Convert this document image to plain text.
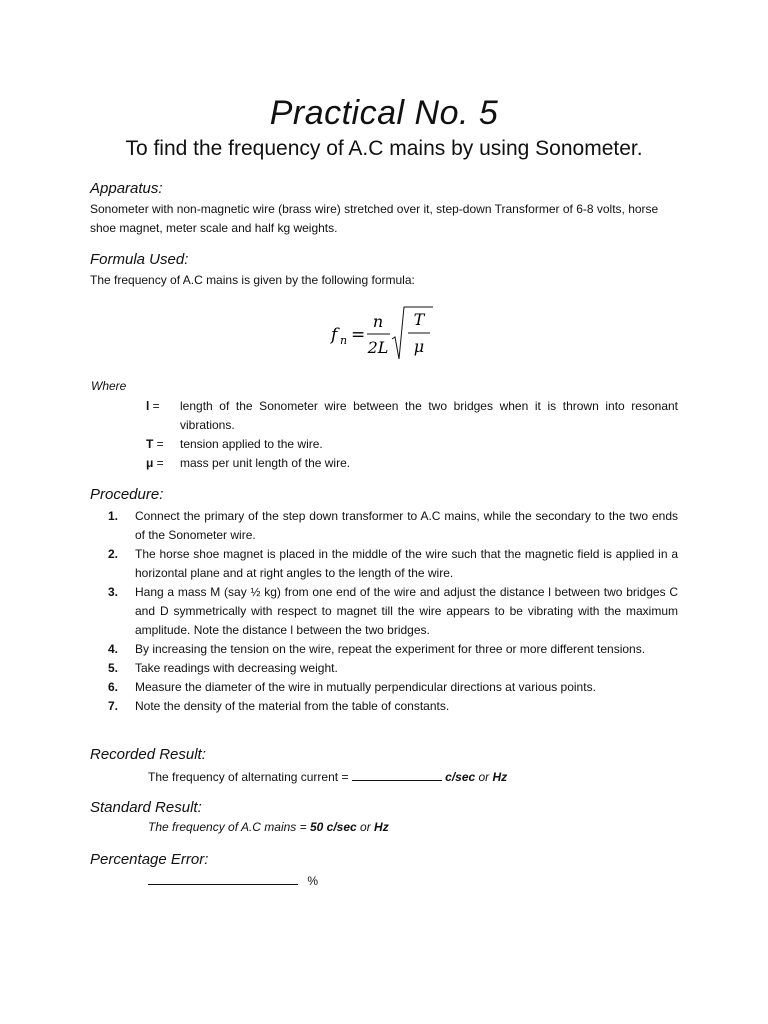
Practical No. 5
To find the frequency of A.C mains by using Sonometer.
Apparatus:
Sonometer with non-magnetic wire (brass wire) stretched over it, step-down Transformer of 6-8 volts, horse shoe magnet, meter scale and half kg weights.
Formula Used:
The frequency of A.C mains is given by the following formula:
f n =
n
2L
T
μ
Where
l =	length of the Sonometer wire between the two bridges when it is thrown into resonant vibrations.
T =	tension applied to the wire.
μ =	mass per unit length of the wire.
Procedure:
1.	Connect the primary of the step down transformer to A.C mains, while the secondary to the two ends of the Sonometer wire.
2.	The horse shoe magnet is placed in the middle of the wire such that the magnetic field is applied in a horizontal plane and at right angles to the length of the wire.
3.	Hang a mass M (say ½ kg) from one end of the wire and adjust the distance l between two bridges C and D symmetrically with respect to magnet till the wire appears to be vibrating with the maximum amplitude. Note the distance l between the two bridges.
4.	By increasing the tension on the wire, repeat the experiment for three or more different tensions.
5.	Take readings with decreasing weight.
6.	Measure the diameter of the wire in mutually perpendicular directions at various points.
7.	Note the density of the material from the table of constants.
Recorded Result:
The frequency of alternating current =	c/sec or Hz
Standard Result:
The frequency of A.C mains = 50 c/sec or Hz
Percentage Error:
%
